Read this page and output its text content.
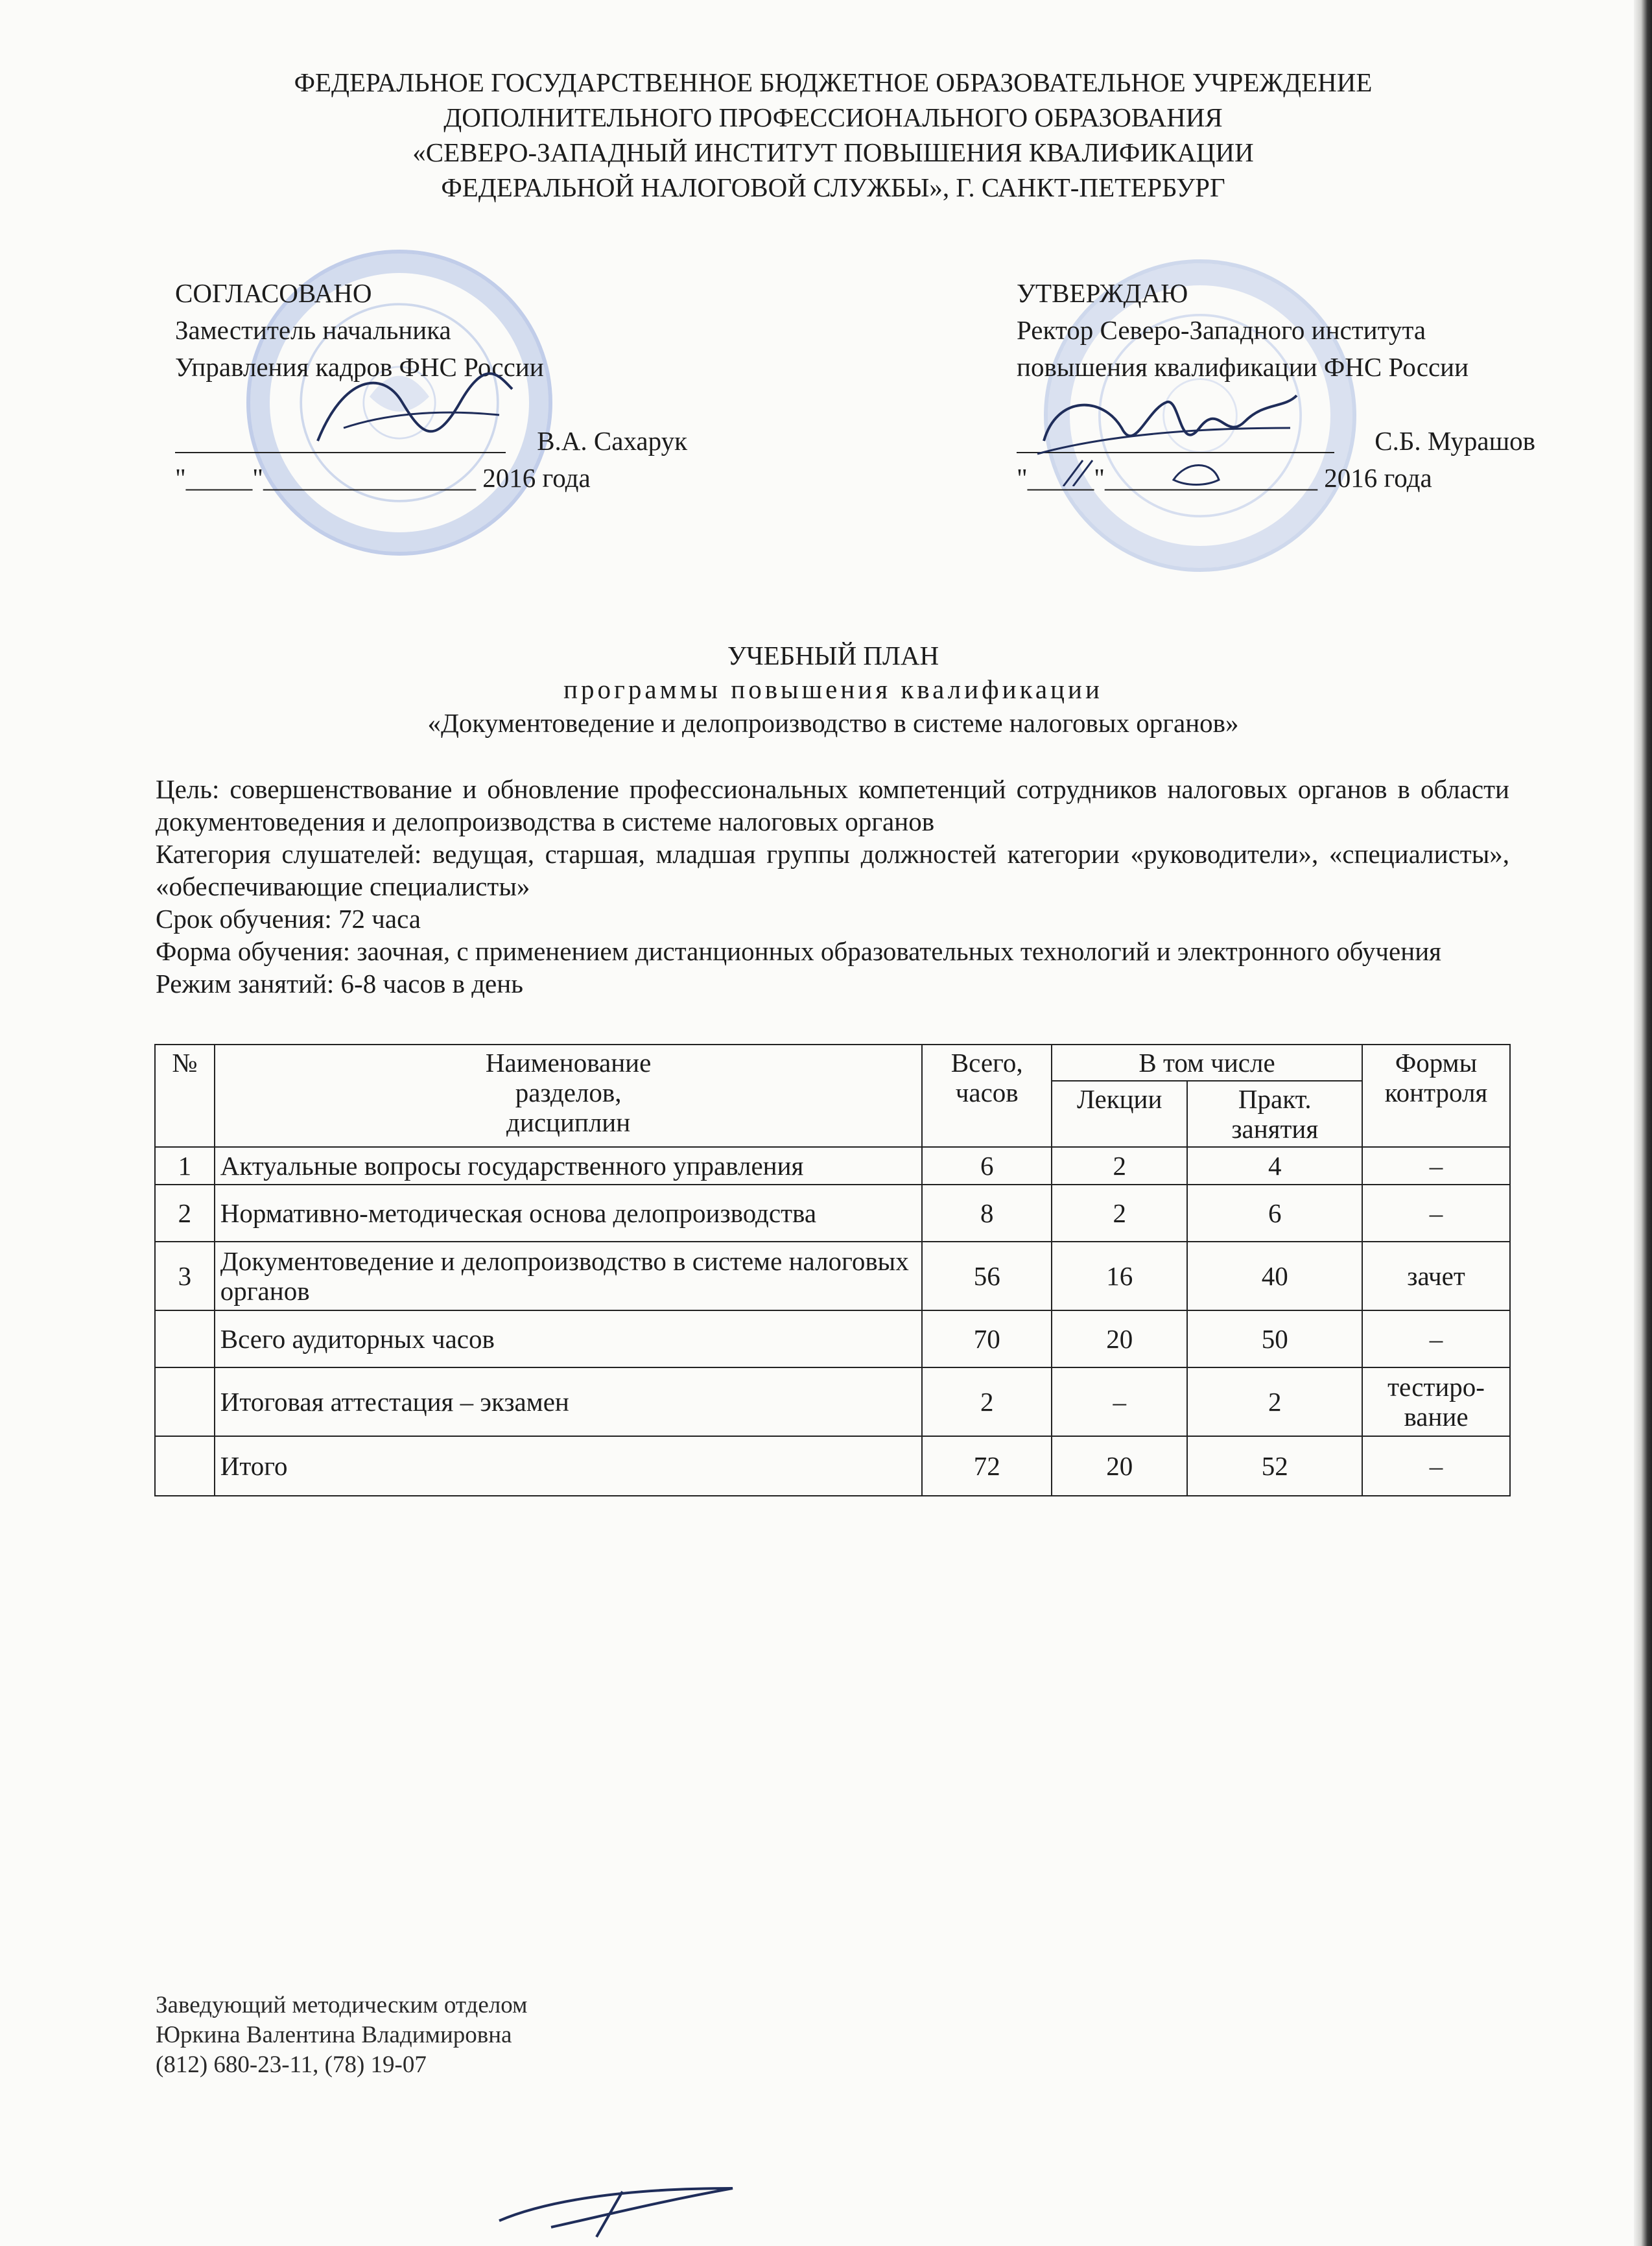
ФЕДЕРАЛЬНОЕ ГОСУДАРСТВЕННОЕ БЮДЖЕТНОЕ ОБРАЗОВАТЕЛЬНОЕ УЧРЕЖДЕНИЕ
ДОПОЛНИТЕЛЬНОГО ПРОФЕССИОНАЛЬНОГО ОБРАЗОВАНИЯ
«СЕВЕРО-ЗАПАДНЫЙ ИНСТИТУТ ПОВЫШЕНИЯ КВАЛИФИКАЦИИ
ФЕДЕРАЛЬНОЙ НАЛОГОВОЙ СЛУЖБЫ», Г. САНКТ-ПЕТЕРБУРГ
СОГЛАСОВАНО
Заместитель начальника
Управления кадров ФНС России
В.А. Сахарук
"_____"________________ 2016 года
УТВЕРЖДАЮ
Ректор Северо-Западного института
повышения квалификации ФНС России
С.Б. Мурашов
"_____"________________ 2016 года
УЧЕБНЫЙ ПЛАН
программы повышения квалификации
«Документоведение и делопроизводство в системе налоговых органов»

Цель: совершенствование и обновление профессиональных компетенций сотрудников налоговых органов в области документоведения и делопроизводства в системе налоговых органов

Категория слушателей: ведущая, старшая, младшая группы должностей категории «руководители», «специалисты», «обеспечивающие специалисты»

Срок обучения: 72 часа

Форма обучения: заочная, с применением дистанционных образовательных технологий и электронного обучения

Режим занятий: 6-8 часов в день

№	Наименование разделов, дисциплин	Всего, часов	В том числе		Формы контроля
			Лекции	Практ. занятия	
1	Актуальные вопросы государственного управления	6	2	4	–
2	Нормативно-методическая основа делопроизводства	8	2	6	–
3	Документоведение и делопроизводство в системе налоговых органов	56	16	40	зачет
	Всего аудиторных часов	70	20	50	–
	Итоговая аттестация – экзамен	2	–	2	тестиро-вание
	Итого	72	20	52	–
Заведующий методическим отделом
Юркина Валентина Владимировна
(812) 680-23-11, (78) 19-07
